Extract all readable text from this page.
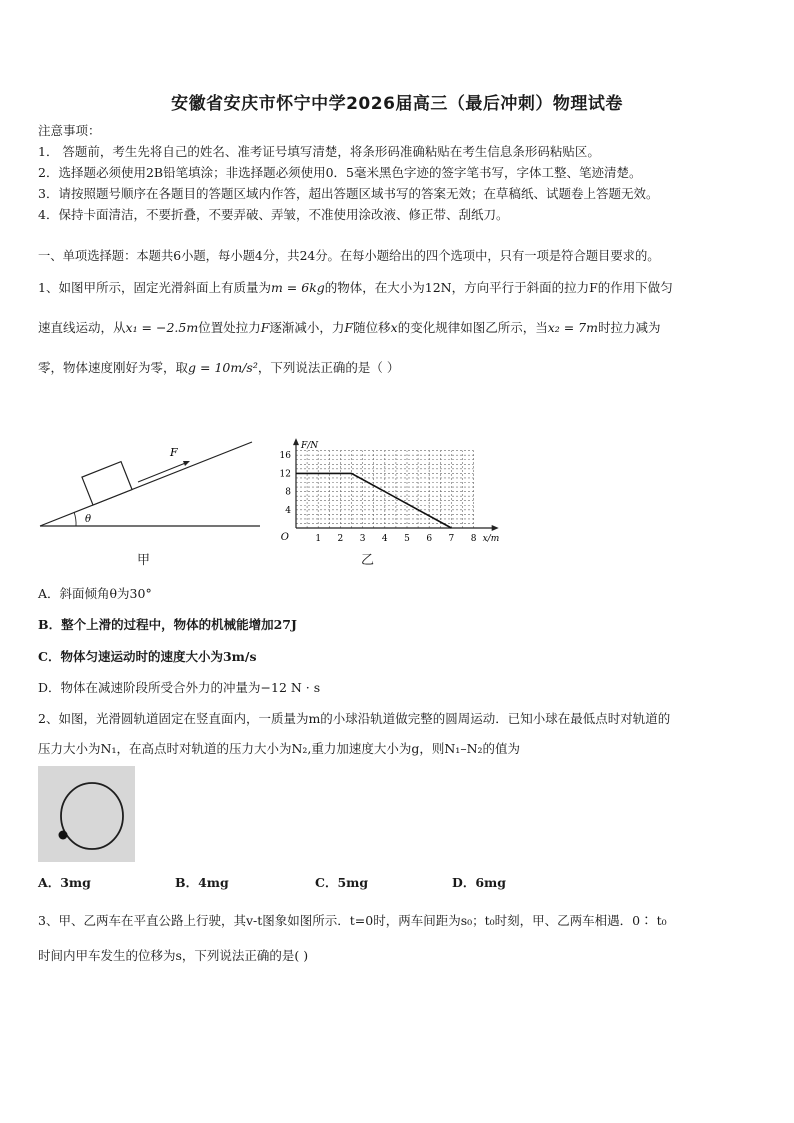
安徽省安庆市怀宁中学2026届高三（最后冲刺）物理试卷
注意事项：
1． 答题前，考生先将自己的姓名、准考证号填写清楚，将条形码准确粘贴在考生信息条形码粘贴区。
2．选择题必须使用2B铅笔填涂；非选择题必须使用0．5毫米黑色字迹的签字笔书写，字体工整、笔迹清楚。
3．请按照题号顺序在各题目的答题区域内作答，超出答题区域书写的答案无效；在草稿纸、试题卷上答题无效。
4．保持卡面清洁，不要折叠，不要弄破、弄皱，不准使用涂改液、修正带、刮纸刀。
一、单项选择题：本题共6小题，每小题4分，共24分。在每小题给出的四个选项中，只有一项是符合题目要求的。
1、如图甲所示，固定光滑斜面上有质量为m = 6kg的物体，在大小为12N，方向平行于斜面的拉力F的作用下做匀
速直线运动，从x₁ = −2.5m位置处拉力F逐渐减小，力F随位移x的变化规律如图乙所示，当x₂ = 7m时拉力减为
零，物体速度刚好为零，取g = 10m/s²，下列说法正确的是（ ）
F
θ
甲
1 2 3 4 5 6 7 8
4
8
12
16
O	x/m
F/N
乙
A．斜面倾角θ为30°
B．整个上滑的过程中，物体的机械能增加27J
C．物体匀速运动时的速度大小为3m/s
D．物体在减速阶段所受合外力的冲量为−12 N · s
2、如图，光滑圆轨道固定在竖直面内，一质量为m的小球沿轨道做完整的圆周运动．已知小球在最低点时对轨道的
压力大小为N₁，在高点时对轨道的压力大小为N₂,重力加速度大小为g，则N₁–N₂的值为
A．3mg	B．4mg	C．5mg	D．6mg
3、甲、乙两车在平直公路上行驶，其v-t图象如图所示．t=0时，两车间距为s₀；t₀时刻，甲、乙两车相遇．0∶ t₀
时间内甲车发生的位移为s，下列说法正确的是( )
